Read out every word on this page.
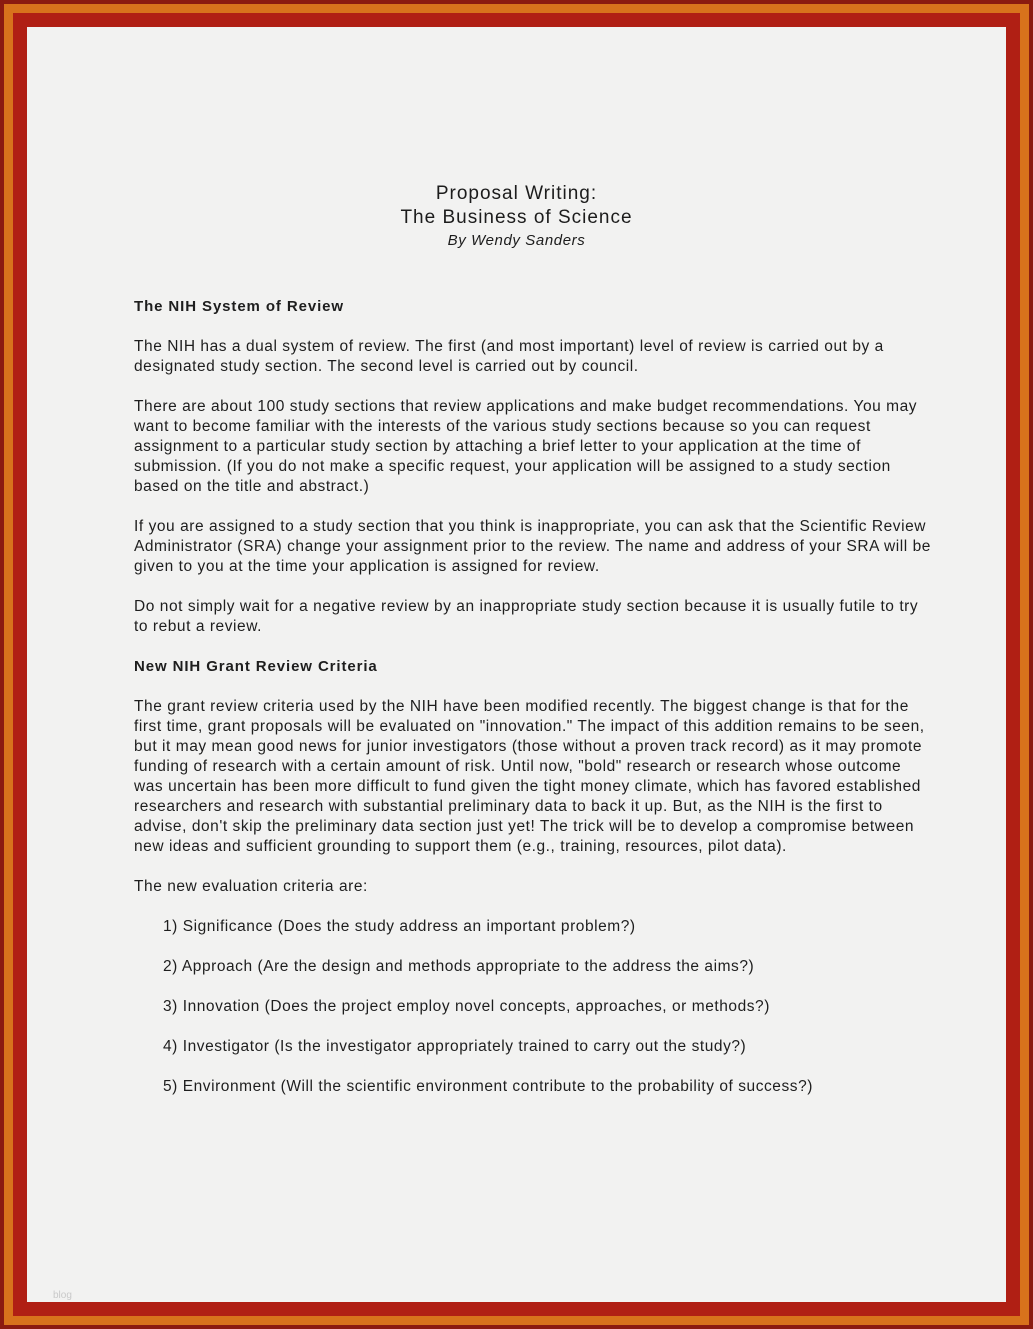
Proposal Writing:
The Business of Science
By Wendy Sanders
The NIH System of Review

The NIH has a dual system of review. The first (and most important) level of review is carried out by a designated study section. The second level is carried out by council.

There are about 100 study sections that review applications and make budget recommendations. You may want to become familiar with the interests of the various study sections because so you can request assignment to a particular study section by attaching a brief letter to your application at the time of submission. (If you do not make a specific request, your application will be assigned to a study section based on the title and abstract.)

If you are assigned to a study section that you think is inappropriate, you can ask that the Scientific Review Administrator (SRA) change your assignment prior to the review. The name and address of your SRA will be given to you at the time your application is assigned for review.

Do not simply wait for a negative review by an inappropriate study section because it is usually futile to try to rebut a review.

New NIH Grant Review Criteria

The grant review criteria used by the NIH have been modified recently. The biggest change is that for the first time, grant proposals will be evaluated on "innovation." The impact of this addition remains to be seen, but it may mean good news for junior investigators (those without a proven track record) as it may promote funding of research with a certain amount of risk. Until now, "bold" research or research whose outcome was uncertain has been more difficult to fund given the tight money climate, which has favored established researchers and research with substantial preliminary data to back it up. But, as the NIH is the first to advise, don't skip the preliminary data section just yet! The trick will be to develop a compromise between new ideas and sufficient grounding to support them (e.g., training, resources, pilot data).

The new evaluation criteria are:

1) Significance (Does the study address an important problem?)
2) Approach (Are the design and methods appropriate to the address the aims?)
3) Innovation (Does the project employ novel concepts, approaches, or methods?)
4) Investigator (Is the investigator appropriately trained to carry out the study?)
5) Environment (Will the scientific environment contribute to the probability of success?)
blog
